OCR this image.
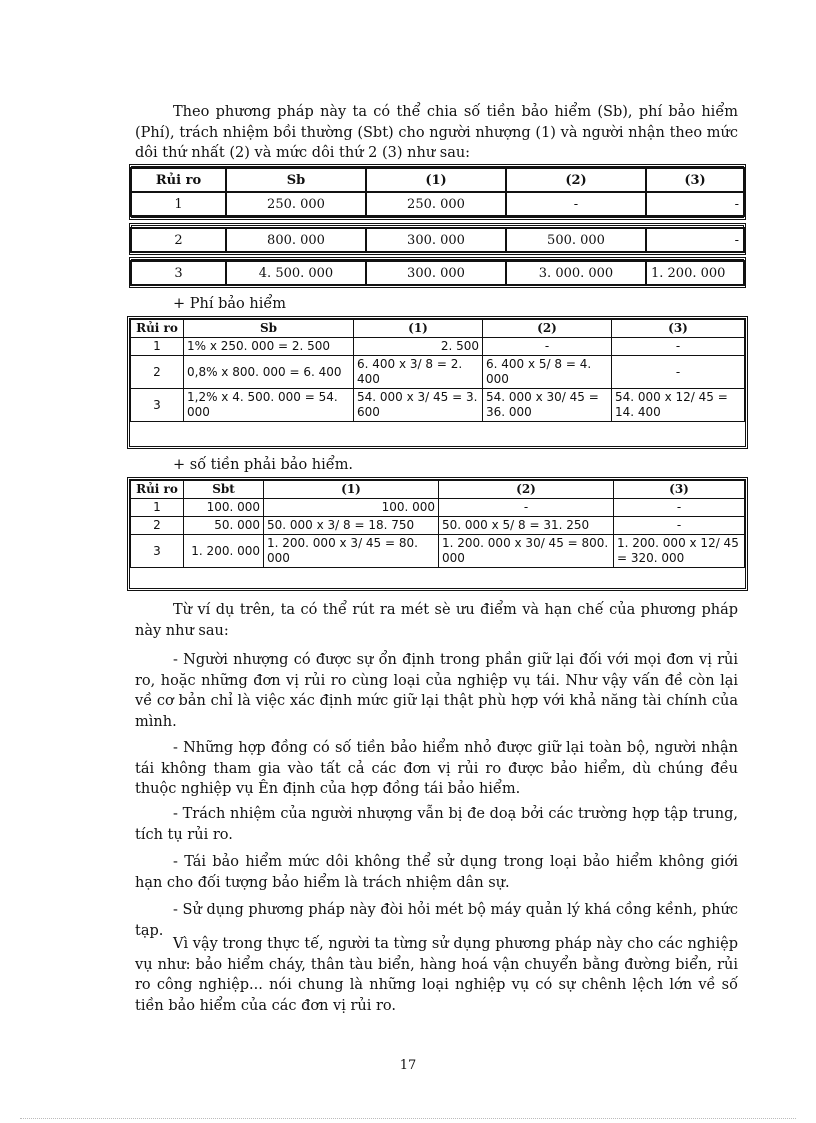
Theo phương pháp này ta có thể chia số tiền bảo hiểm (Sb), phí bảo hiểm (Phí), trách nhiệm bồi thường (Sbt) cho người nhượng (1) và người nhận theo mức dôi thứ nhất (2) và mức dôi thứ 2 (3) như sau:

Rủi ro	Sb	(1)	(2)	(3)
1	250. 000	250. 000	-	-
2	800. 000	300. 000	500. 000	-
3	4. 500. 000	300. 000	3. 000. 000	1. 200. 000

+ Phí bảo hiểm

Rủi ro	Sb	(1)	(2)	(3)
1	1% x 250. 000 = 2. 500	2. 500	-	-
2	0,8% x 800. 000 = 6. 400	6. 400 x 3/ 8 = 2. 400	6. 400 x 5/ 8 = 4. 000	-
3	1,2% x 4. 500. 000 = 54. 000	54. 000 x 3/ 45 = 3. 600	54. 000 x 30/ 45 = 36. 000	54. 000 x 12/ 45 = 14. 400

+ số tiền phải bảo hiểm.

Rủi ro	Sbt	(1)	(2)	(3)
1	100. 000	100. 000	-	-
2	50. 000	50. 000 x 3/ 8 = 18. 750	50. 000 x 5/ 8 = 31. 250	-
3	1. 200. 000	1. 200. 000 x 3/ 45 = 80. 000	1. 200. 000 x 30/ 45 = 800. 000	1. 200. 000 x 12/ 45 = 320. 000

Từ ví dụ trên, ta có thể rút ra mét sè ưu điểm và hạn chế của phương pháp này như sau:

- Người nhượng có được sự ổn định trong phần giữ lại đối với mọi đơn vị rủi ro, hoặc những đơn vị rủi ro cùng loại của nghiệp vụ tái. Như vậy vấn đề còn lại về cơ bản chỉ là việc xác định mức giữ lại thật phù hợp với khả năng tài chính của mình.

- Những hợp đồng có số tiền bảo hiểm nhỏ được giữ lại toàn bộ, người nhận tái không tham gia vào tất cả các đơn vị rủi ro được bảo hiểm, dù chúng đều thuộc nghiệp vụ Ên định của hợp đồng tái bảo hiểm.

- Trách nhiệm của người nhượng vẫn bị đe doạ bởi các trường hợp tập trung, tích tụ rủi ro.

- Tái bảo hiểm mức dôi không thể sử dụng trong loại bảo hiểm không giới hạn cho đối tượng bảo hiểm là trách nhiệm dân sự.

- Sử dụng phương pháp này đòi hỏi mét bộ máy quản lý khá cồng kềnh, phức tạp.

Vì vậy trong thực tế, người ta từng sử dụng phương pháp này cho các nghiệp vụ như: bảo hiểm cháy, thân tàu biển, hàng hoá vận chuyển bằng đường biển, rủi ro công nghiệp... nói chung là những loại nghiệp vụ có sự chênh lệch lớn về số tiền bảo hiểm của các đơn vị rủi ro.

17
